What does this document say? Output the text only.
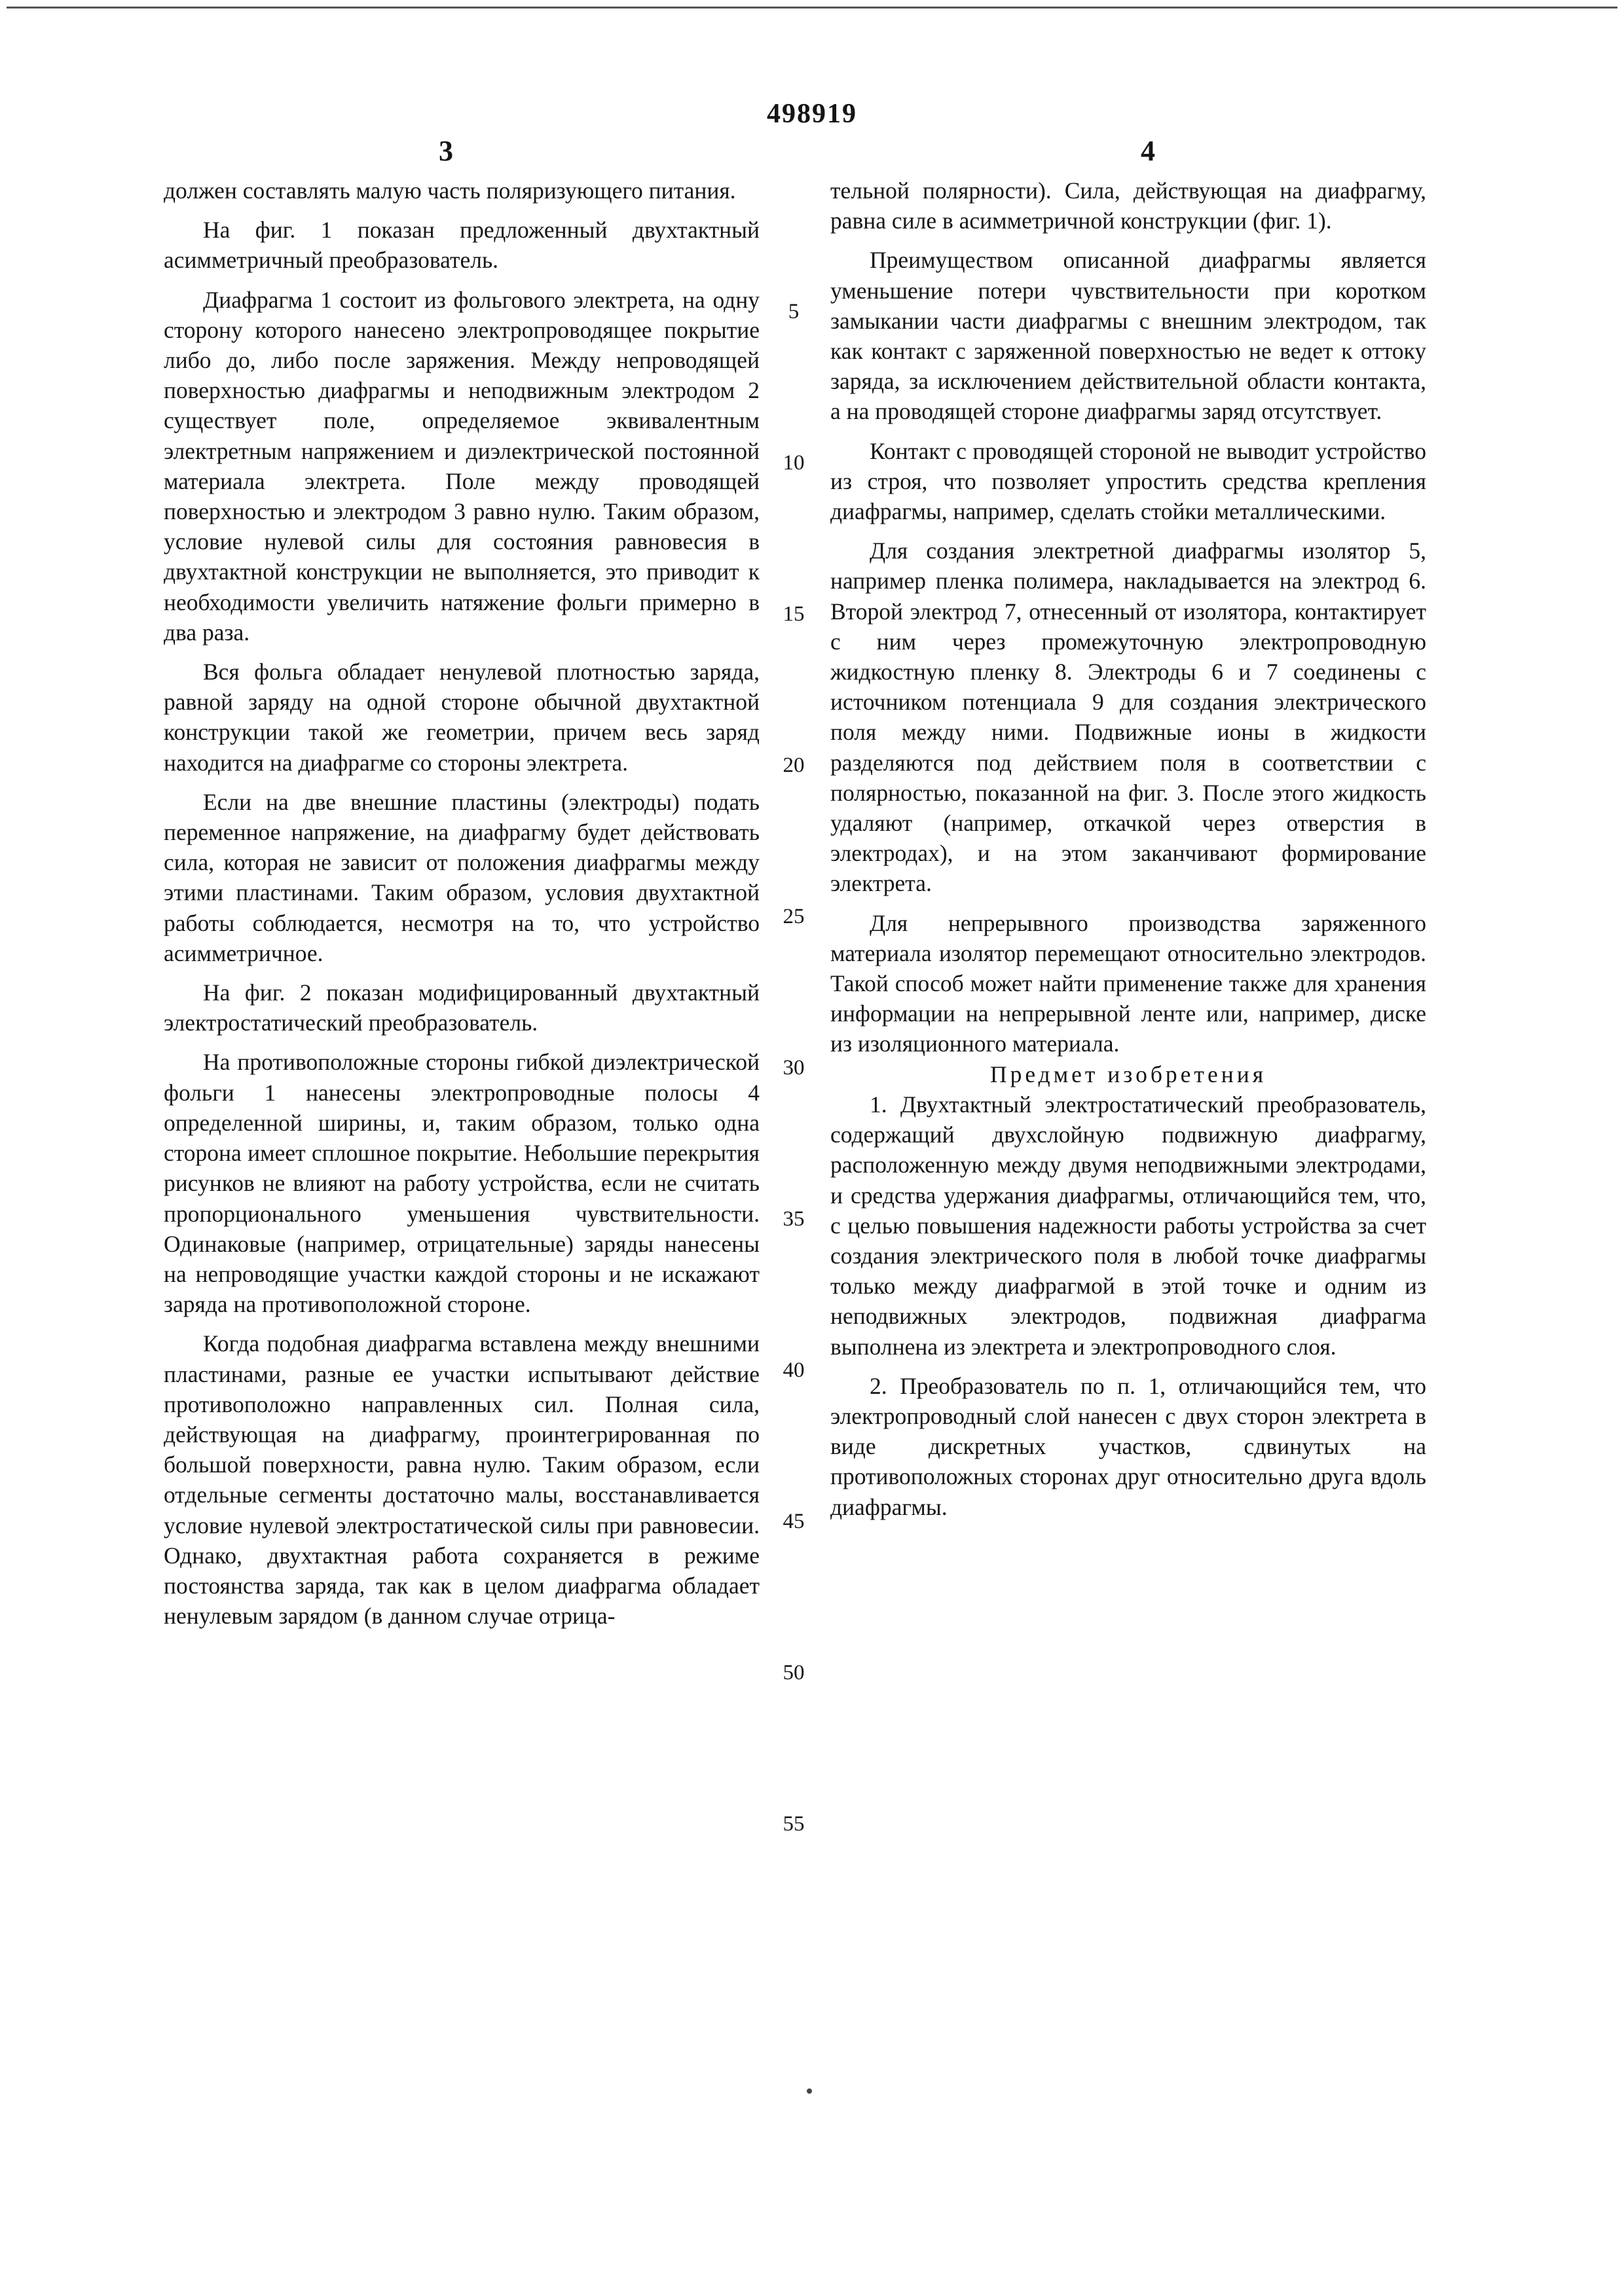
498919
3	4

должен составлять малую часть поляризующего питания.

На фиг. 1 показан предложенный двухтактный асимметричный преобразователь.

Диафрагма 1 состоит из фольгового электрета, на одну сторону которого нанесено электропроводящее покрытие либо до, либо после заряжения. Между непроводящей поверхностью диафрагмы и неподвижным электродом 2 существует поле, определяемое эквивалентным электретным напряжением и диэлектрической постоянной материала электрета. Поле между проводящей поверхностью и электродом 3 равно нулю. Таким образом, условие нулевой силы для состояния равновесия в двухтактной конструкции не выполняется, это приводит к необходимости увеличить натяжение фольги примерно в два раза.

Вся фольга обладает ненулевой плотностью заряда, равной заряду на одной стороне обычной двухтактной конструкции такой же геометрии, причем весь заряд находится на диафрагме со стороны электрета.

Если на две внешние пластины (электроды) подать переменное напряжение, на диафрагму будет действовать сила, которая не зависит от положения диафрагмы между этими пластинами. Таким образом, условия двухтактной работы соблюдается, несмотря на то, что устройство асимметричное.

На фиг. 2 показан модифицированный двухтактный электростатический преобразователь.

На противоположные стороны гибкой диэлектрической фольги 1 нанесены электропроводные полосы 4 определенной ширины, и, таким образом, только одна сторона имеет сплошное покрытие. Небольшие перекрытия рисунков не влияют на работу устройства, если не считать пропорционального уменьшения чувствительности. Одинаковые (например, отрицательные) заряды нанесены на непроводящие участки каждой стороны и не искажают заряда на противоположной стороне.

Когда подобная диафрагма вставлена между внешними пластинами, разные ее участки испытывают действие противоположно направленных сил. Полная сила, действующая на диафрагму, проинтегрированная по большой поверхности, равна нулю. Таким образом, если отдельные сегменты достаточно малы, восстанавливается условие нулевой электростатической силы при равновесии. Однако, двухтактная работа сохраняется в режиме постоянства заряда, так как в целом диафрагма обладает ненулевым зарядом (в данном случае отрица-

5
10
15
20
25
30
35
40
45
50
55

тельной полярности). Сила, действующая на диафрагму, равна силе в асимметричной конструкции (фиг. 1).

Преимуществом описанной диафрагмы является уменьшение потери чувствительности при коротком замыкании части диафрагмы с внешним электродом, так как контакт с заряженной поверхностью не ведет к оттоку заряда, за исключением действительной области контакта, а на проводящей стороне диафрагмы заряд отсутствует.

Контакт с проводящей стороной не выводит устройство из строя, что позволяет упростить средства крепления диафрагмы, например, сделать стойки металлическими.

Для создания электретной диафрагмы изолятор 5, например пленка полимера, накладывается на электрод 6. Второй электрод 7, отнесенный от изолятора, контактирует с ним через промежуточную электропроводную жидкостную пленку 8. Электроды 6 и 7 соединены с источником потенциала 9 для создания электрического поля между ними. Подвижные ионы в жидкости разделяются под действием поля в соответствии с полярностью, показанной на фиг. 3. После этого жидкость удаляют (например, откачкой через отверстия в электродах), и на этом заканчивают формирование электрета.

Для непрерывного производства заряженного материала изолятор перемещают относительно электродов. Такой способ может найти применение также для хранения информации на непрерывной ленте или, например, диске из изоляционного материала.

Предмет изобретения

1. Двухтактный электростатический преобразователь, содержащий двухслойную подвижную диафрагму, расположенную между двумя неподвижными электродами, и средства удержания диафрагмы, отличающийся тем, что, с целью повышения надежности работы устройства за счет создания электрического поля в любой точке диафрагмы только между диафрагмой в этой точке и одним из неподвижных электродов, подвижная диафрагма выполнена из электрета и электропроводного слоя.

2. Преобразователь по п. 1, отличающийся тем, что электропроводный слой нанесен с двух сторон электрета в виде дискретных участков, сдвинутых на противоположных сторонах друг относительно друга вдоль диафрагмы.
